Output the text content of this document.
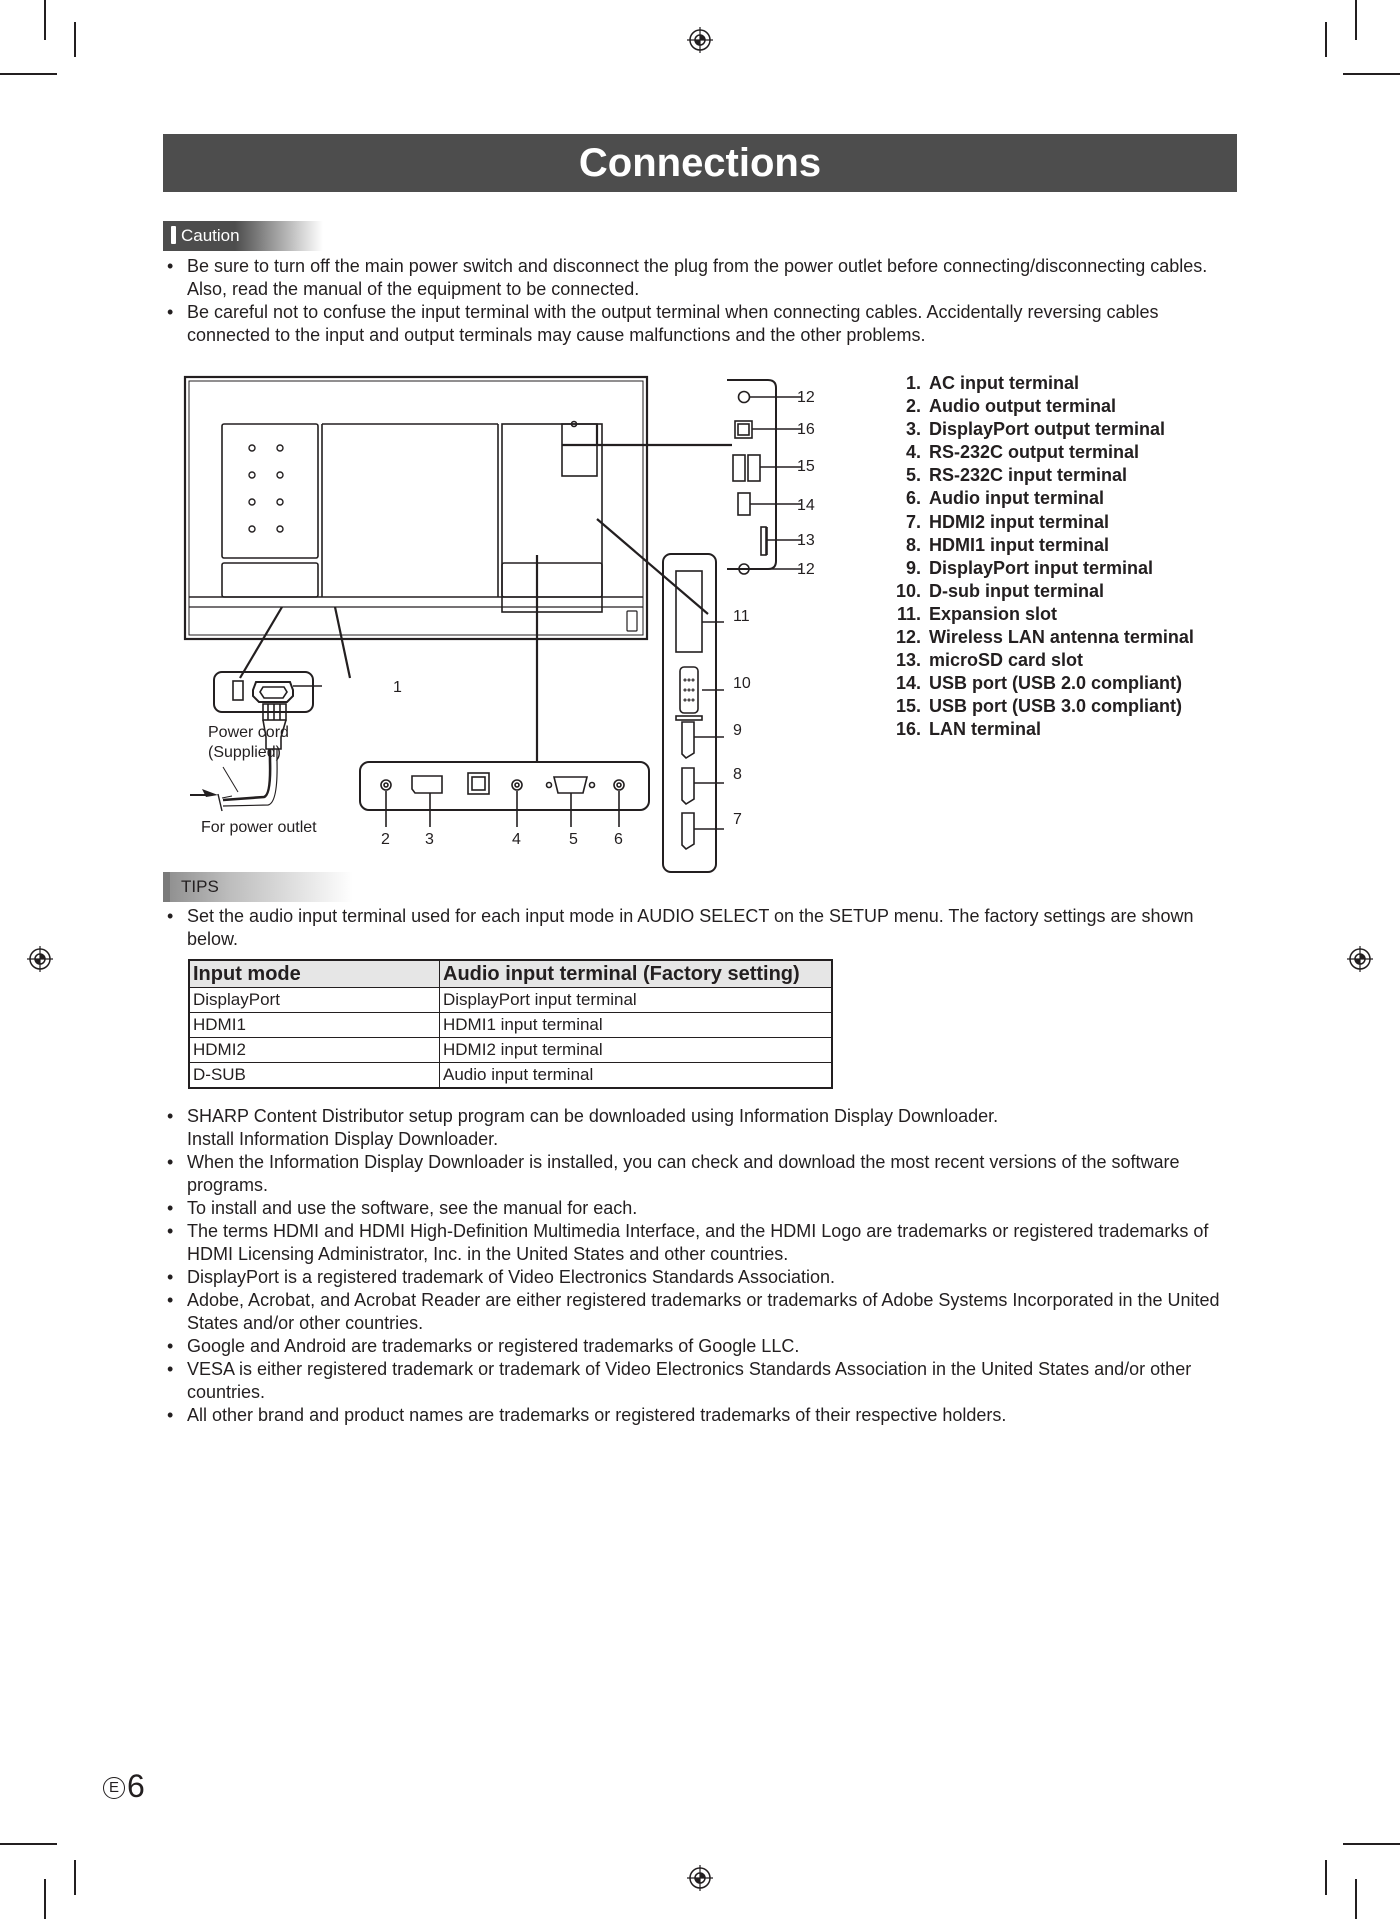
Connections
Caution
• Be sure to turn off the main power switch and disconnect the plug from the power outlet before connecting/disconnecting cables. Also, read the manual of the equipment to be connected.
• Be careful not to confuse the input terminal with the output terminal when connecting cables. Accidentally reversing cables connected to the input and output terminals may cause malfunctions and the other problems.
1
2 3	4	5 6
7
8
9
10
11
12
12
13
14
15
16
Power cord
(Supplied)
For power outlet
1. AC input terminal
2. Audio output terminal
3. DisplayPort output terminal
4. RS-232C output terminal
5. RS-232C input terminal
6. Audio input terminal
7. HDMI2 input terminal
8. HDMI1 input terminal
9. DisplayPort input terminal
10. D-sub input terminal
11. Expansion slot
12. Wireless LAN antenna terminal
13. microSD card slot
14. USB port (USB 2.0 compliant)
15. USB port (USB 3.0 compliant)
16. LAN terminal
TIPS
• Set the audio input terminal used for each input mode in AUDIO SELECT on the SETUP menu. The factory settings are shown below.
Input mode	Audio input terminal (Factory setting)
DisplayPort	DisplayPort input terminal
HDMI1	HDMI1 input terminal
HDMI2	HDMI2 input terminal
D-SUB	Audio input terminal
• SHARP Content Distributor setup program can be downloaded using Information Display Downloader.
Install Information Display Downloader.
• When the Information Display Downloader is installed, you can check and download the most recent versions of the software programs.
• To install and use the software, see the manual for each.
• The terms HDMI and HDMI High-Definition Multimedia Interface, and the HDMI Logo are trademarks or registered trademarks of HDMI Licensing Administrator, Inc. in the United States and other countries.
• DisplayPort is a registered trademark of Video Electronics Standards Association.
• Adobe, Acrobat, and Acrobat Reader are either registered trademarks or trademarks of Adobe Systems Incorporated in the United States and/or other countries.
• Google and Android are trademarks or registered trademarks of Google LLC.
• VESA is either registered trademark or trademark of Video Electronics Standards Association in the United States and/or other countries.
• All other brand and product names are trademarks or registered trademarks of their respective holders.
E 6
